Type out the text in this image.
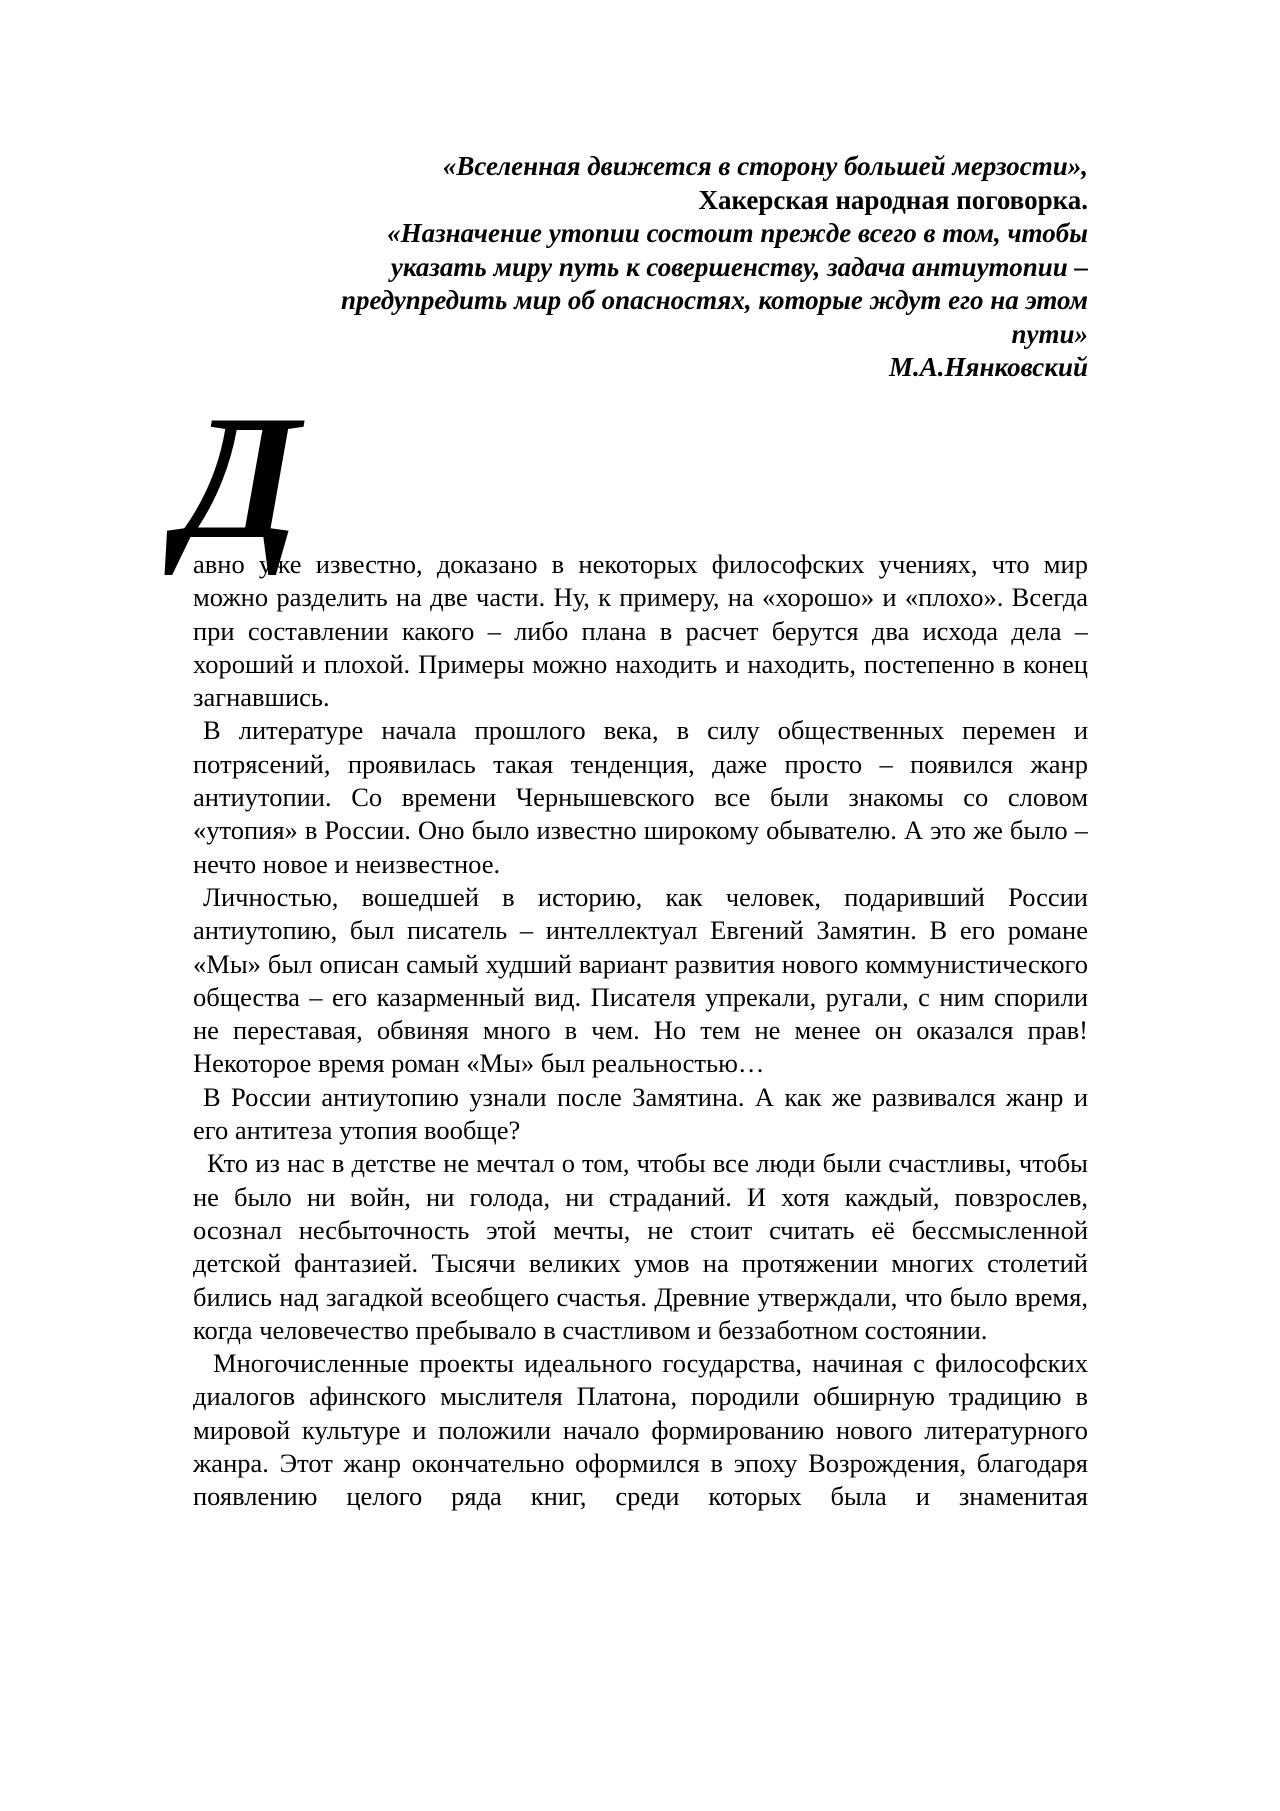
«Вселенная движется в сторону большей мерзости»,
Хакерская народная поговорка.
«Назначение утопии состоит прежде всего в том, чтобы
указать миру путь к совершенству, задача антиутопии –
предупредить мир об опасностях, которые ждут его на этом
пути»
М.А.Нянковский
Д

авно уже известно, доказано в некоторых философских учениях, что мир можно разделить на две части. Ну, к примеру, на «хорошо» и «плохо». Всегда при составлении какого – либо плана в расчет берутся два исхода дела – хороший и плохой. Примеры можно находить и находить, постепенно в конец загнавшись.

В литературе начала прошлого века, в силу общественных перемен и потрясений, проявилась такая тенденция, даже просто – появился жанр антиутопии. Со времени Чернышевского все были знакомы со словом «утопия» в России. Оно было известно широкому обывателю. А это же было – нечто новое и неизвестное.

Личностью, вошедшей в историю, как человек, подаривший России антиутопию, был писатель – интеллектуал Евгений Замятин. В его романе «Мы» был описан самый худший вариант развития нового коммунистического общества – его казарменный вид. Писателя упрекали, ругали, с ним спорили не переставая, обвиняя много в чем. Но тем не менее он оказался прав! Некоторое время роман «Мы» был реальностью…

В России антиутопию узнали после Замятина. А как же развивался жанр и его антитеза утопия вообще?

Кто из нас в детстве не мечтал о том, чтобы все люди были счастливы, чтобы не было ни войн, ни голода, ни страданий. И хотя каждый, повзрослев, осознал несбыточность этой мечты, не стоит считать её бессмысленной детской фантазией. Тысячи великих умов на протяжении многих столетий бились над загадкой всеобщего счастья. Древние утверждали, что было время, когда человечество пребывало в счастливом и беззаботном состоянии.

Многочисленные проекты идеального государства, начиная с философских диалогов афинского мыслителя Платона, породили обширную традицию в мировой культуре и положили начало формированию нового литературного жанра. Этот жанр окончательно оформился в эпоху Возрождения, благодаря появлению целого ряда книг, среди которых была и знаменитая
